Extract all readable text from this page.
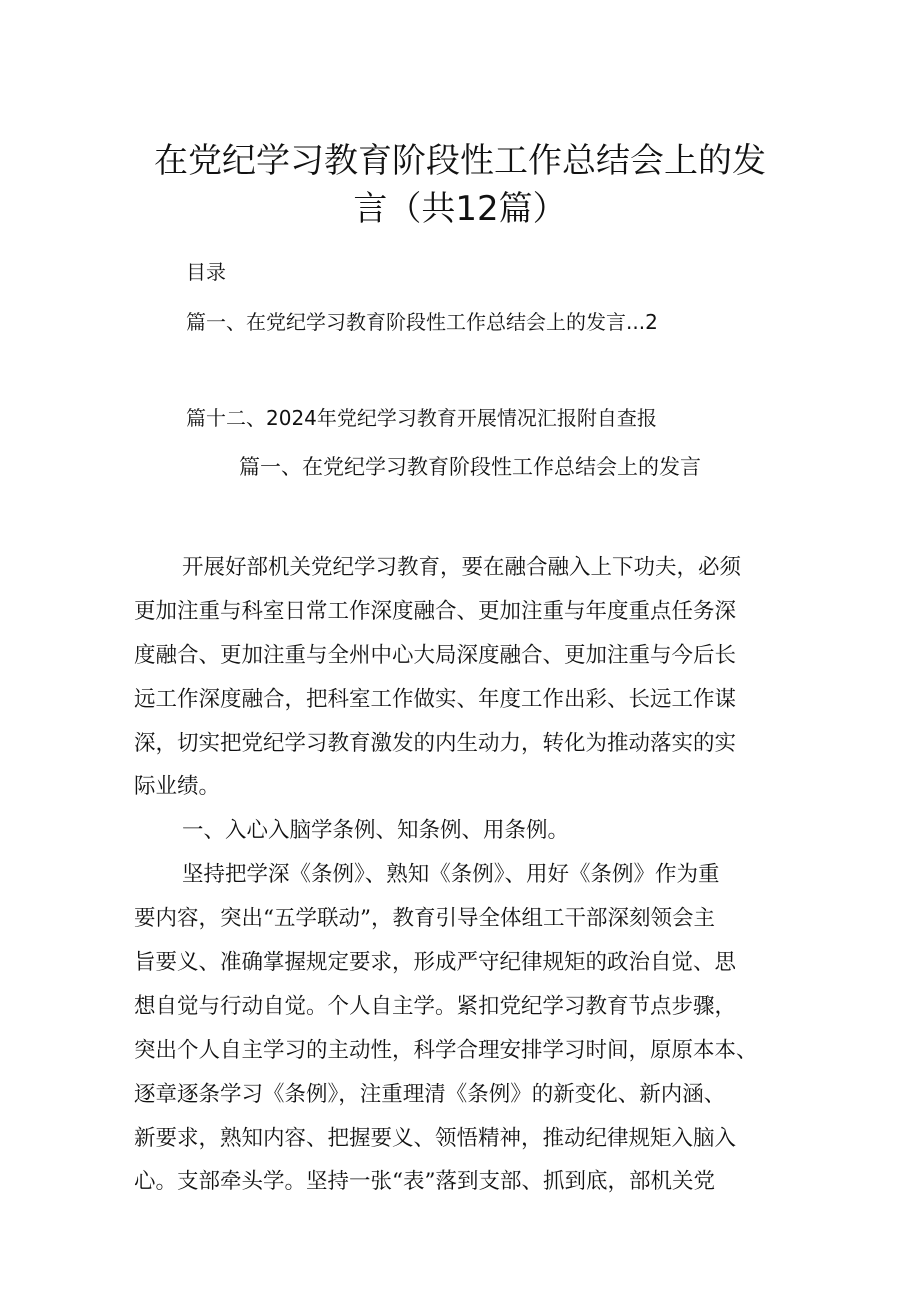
在党纪学习教育阶段性工作总结会上的发
言（共12篇）
目录
篇一、在党纪学习教育阶段性工作总结会上的发言...2
篇十二、2024年党纪学习教育开展情况汇报附自查报
篇一、在党纪学习教育阶段性工作总结会上的发言
开展好部机关党纪学习教育，要在融合融入上下功夫，必须
更加注重与科室日常工作深度融合、更加注重与年度重点任务深
度融合、更加注重与全州中心大局深度融合、更加注重与今后长
远工作深度融合，把科室工作做实、年度工作出彩、长远工作谋
深，切实把党纪学习教育激发的内生动力，转化为推动落实的实
际业绩。
一、入心入脑学条例、知条例、用条例。
坚持把学深《条例》、熟知《条例》、用好《条例》作为重
要内容，突出“五学联动”，教育引导全体组工干部深刻领会主
旨要义、准确掌握规定要求，形成严守纪律规矩的政治自觉、思
想自觉与行动自觉。个人自主学。紧扣党纪学习教育节点步骤，
突出个人自主学习的主动性，科学合理安排学习时间，原原本本、
逐章逐条学习《条例》，注重理清《条例》的新变化、新内涵、
新要求，熟知内容、把握要义、领悟精神，推动纪律规矩入脑入
心。支部牵头学。坚持一张“表”落到支部、抓到底，部机关党
